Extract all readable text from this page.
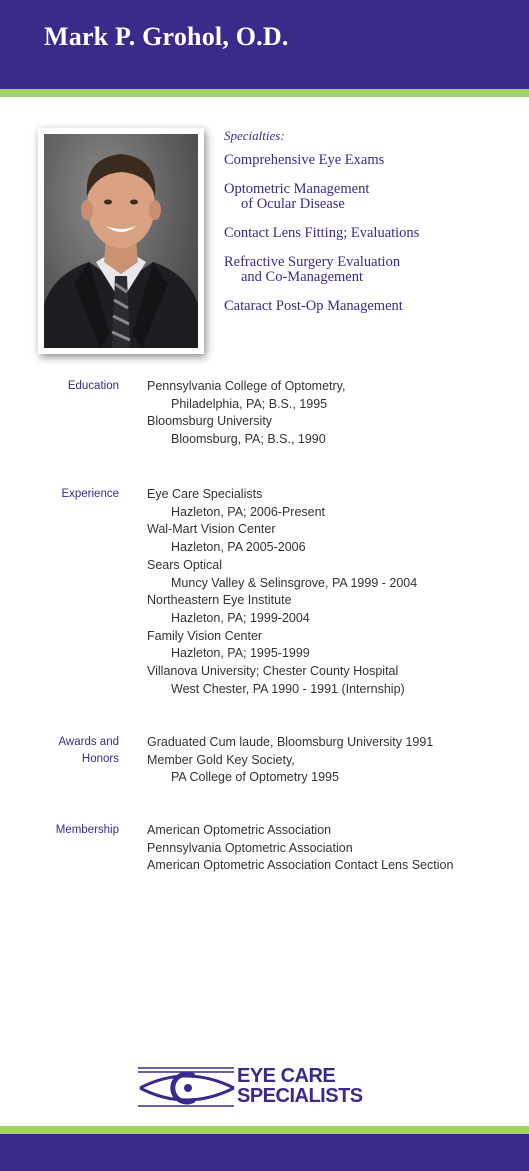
Mark P. Grohol, O.D.
Specialties:
Comprehensive Eye Exams
Optometric Management
of Ocular Disease
Contact Lens Fitting; Evaluations
Refractive Surgery Evaluation
and Co-Management
Cataract Post-Op Management
Education Pennsylvania College of Optometry,
Philadelphia, PA; B.S., 1995
Bloomsburg University
Bloomsburg, PA; B.S., 1990
Experience Eye Care Specialists
Hazleton, PA; 2006-Present
Wal-Mart Vision Center
Hazleton, PA 2005-2006
Sears Optical
Muncy Valley & Selinsgrove, PA 1999 - 2004
Northeastern Eye Institute
Hazleton, PA; 1999-2004
Family Vision Center
Hazleton, PA; 1995-1999
Villanova University; Chester County Hospital
West Chester, PA 1990 - 1991 (Internship)
Awards and
Honors
Graduated Cum laude, Bloomsburg University 1991
Member Gold Key Society,
PA College of Optometry 1995
Membership American Optometric Association
Pennsylvania Optometric Association
American Optometric Association Contact Lens Section
EYE CARE
SPECIALISTS
